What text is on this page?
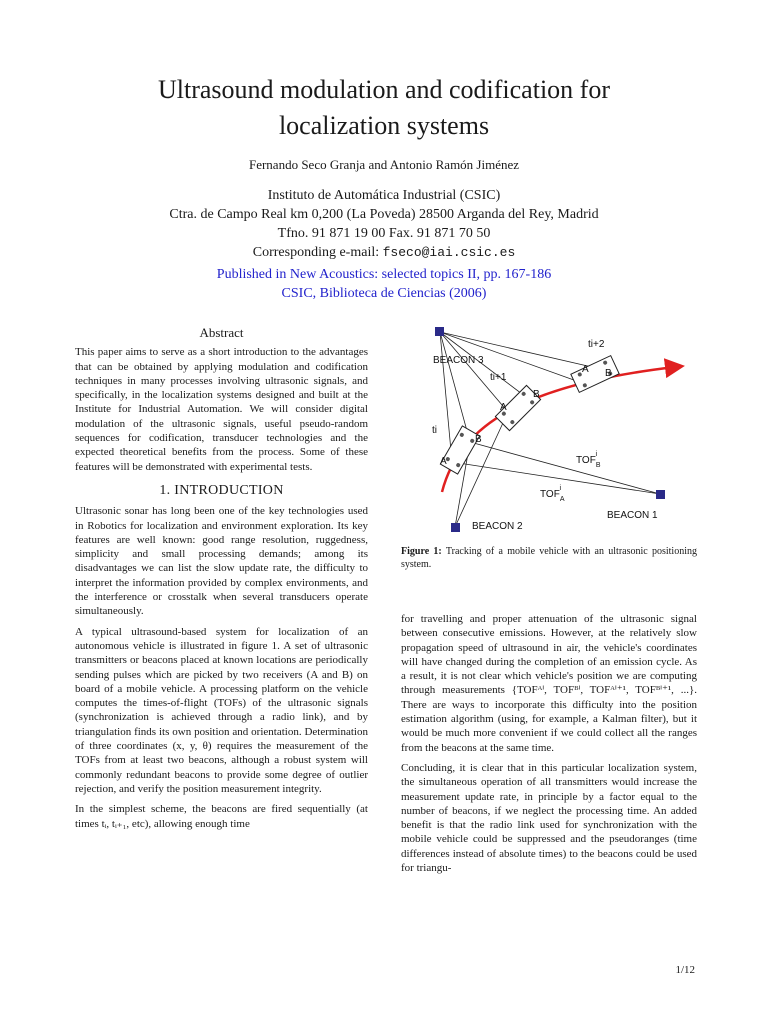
Ultrasound modulation and codification for
localization systems
Fernando Seco Granja and Antonio Ramón Jiménez
Instituto de Automática Industrial (CSIC)
Ctra. de Campo Real km 0,200 (La Poveda) 28500 Arganda del Rey, Madrid
Tfno. 91 871 19 00 Fax. 91 871 70 50
Corresponding e-mail: fseco@iai.csic.es
Published in New Acoustics: selected topics II, pp. 167-186
CSIC, Biblioteca de Ciencias (2006)
Abstract

This paper aims to serve as a short introduction to the advantages that can be obtained by applying modulation and codification techniques in many processes involving ultrasonic signals, and specifically, in the localization systems designed and built at the Institute for Industrial Automation. We will consider digital modulation of the ultrasonic signals, useful pseudo-random sequences for codification, transducer technologies and the expected theoretical benefits from the process. Some of these features will be demonstrated with experimental tests.

1. INTRODUCTION

Ultrasonic sonar has long been one of the key technologies used in Robotics for localization and environment exploration. Its key features are well known: good range resolution, ruggedness, simplicity and small processing demands; among its disadvantages we can list the slow update rate, the difficulty to interpret the information provided by complex environments, and the interference or crosstalk when several transducers operate simultaneously.

A typical ultrasound-based system for localization of an autonomous vehicle is illustrated in figure 1. A set of ultrasonic transmitters or beacons placed at known locations are periodically sending pulses which are picked by two receivers (A and B) on board of a mobile vehicle. A processing platform on the vehicle computes the times-of-flight (TOFs) of the ultrasonic signals (synchronization is achieved through a radio link), and by triangulation finds its own position and orientation. Determination of three coordinates (x, y, θ) requires the measurement of the TOFs from at least two beacons, although a robust system will commonly redundant beacons to provide some degree of outlier rejection, and verify the position measurement integrity.

In the simplest scheme, the beacons are fired sequentially (at times tᵢ, tᵢ₊₁, etc), allowing enough time

A
B
A
B
A B
BEACON 3
BEACON 2
BEACON 1
ti
ti+1
ti+2
$TOF_Bi$
$TOF_Ai$
Figure 1: Tracking of a mobile vehicle with an ultrasonic positioning system.

for travelling and proper attenuation of the ultrasonic signal between consecutive emissions. However, at the relatively slow propagation speed of ultrasound in air, the vehicle's coordinates will have changed during the completion of an emission cycle. As a result, it is not clear which vehicle's position we are computing through measurements {TOFᴬⁱ, TOFᴮⁱ, TOFᴬⁱ⁺¹, TOFᴮⁱ⁺¹, ...}. There are ways to incorporate this difficulty into the position estimation algorithm (using, for example, a Kalman filter), but it would be much more convenient if we could collect all the ranges from the beacons at the same time.

Concluding, it is clear that in this particular localization system, the simultaneous operation of all transmitters would increase the measurement update rate, in principle by a factor equal to the number of beacons, if we neglect the processing time. An added benefit is that the radio link used for synchronization with the mobile vehicle could be suppressed and the pseudoranges (time differences instead of absolute times) to the beacons could be used for triangu-

1/12
